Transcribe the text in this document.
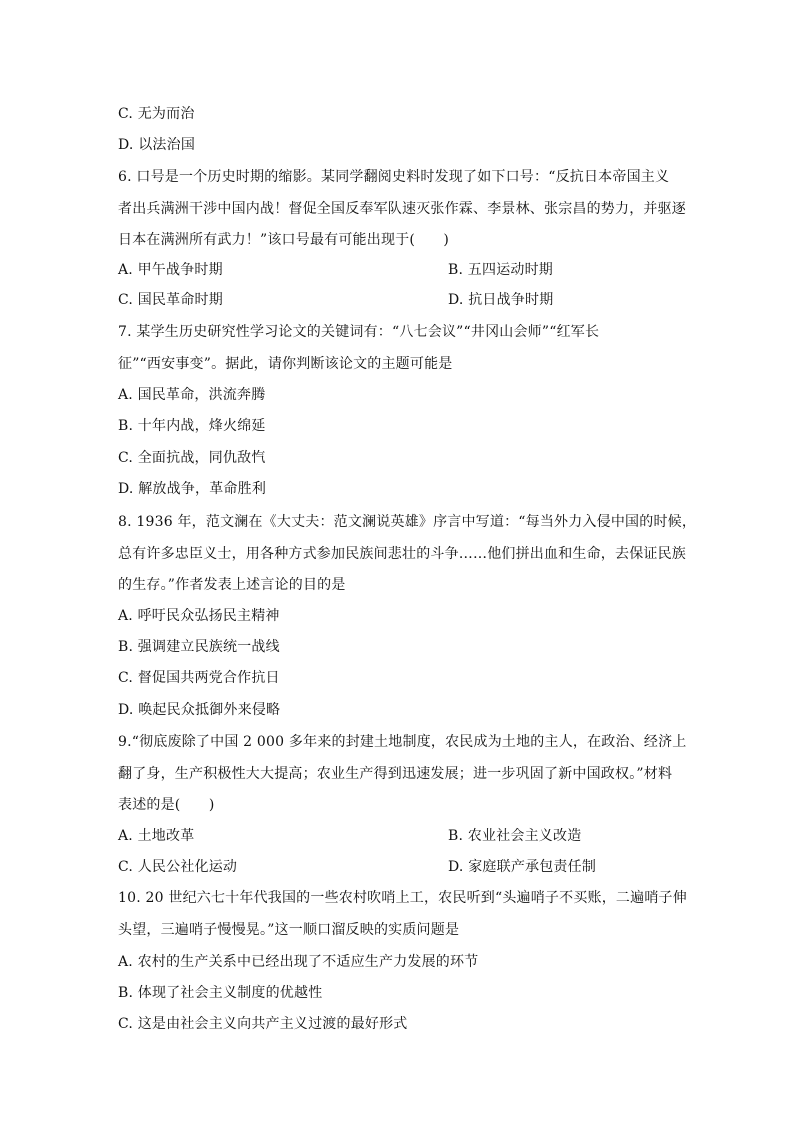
C. 无为而治
D. 以法治国
6. 口号是一个历史时期的缩影。某同学翻阅史料时发现了如下口号：“反抗日本帝国主义
者出兵满洲干涉中国内战！督促全国反奉军队速灭张作霖、李景林、张宗昌的势力，并驱逐
日本在满洲所有武力！”该口号最有可能出现于(　　)
A. 甲午战争时期	B. 五四运动时期
C. 国民革命时期	D. 抗日战争时期
7. 某学生历史研究性学习论文的关键词有：“八七会议”“井冈山会师”“红军长
征”“西安事变”。据此，请你判断该论文的主题可能是
A. 国民革命，洪流奔腾
B. 十年内战，烽火绵延
C. 全面抗战，同仇敌忾
D. 解放战争，革命胜利
8. 1936 年，范文澜在《大丈夫：范文澜说英雄》序言中写道：“每当外力入侵中国的时候，
总有许多忠臣义士，用各种方式参加民族间悲壮的斗争……他们拼出血和生命，去保证民族
的生存。”作者发表上述言论的目的是
A. 呼吁民众弘扬民主精神
B. 强调建立民族统一战线
C. 督促国共两党合作抗日
D. 唤起民众抵御外来侵略
9.“彻底废除了中国 2 000 多年来的封建土地制度，农民成为土地的主人，在政治、经济上
翻了身，生产积极性大大提高；农业生产得到迅速发展；进一步巩固了新中国政权。”材料
表述的是(　　)
A. 土地改革	B. 农业社会主义改造
C. 人民公社化运动	D. 家庭联产承包责任制
10. 20 世纪六七十年代我国的一些农村吹哨上工，农民听到“头遍哨子不买账，二遍哨子伸
头望，三遍哨子慢慢晃。”这一顺口溜反映的实质问题是
A. 农村的生产关系中已经出现了不适应生产力发展的环节
B. 体现了社会主义制度的优越性
C. 这是由社会主义向共产主义过渡的最好形式
